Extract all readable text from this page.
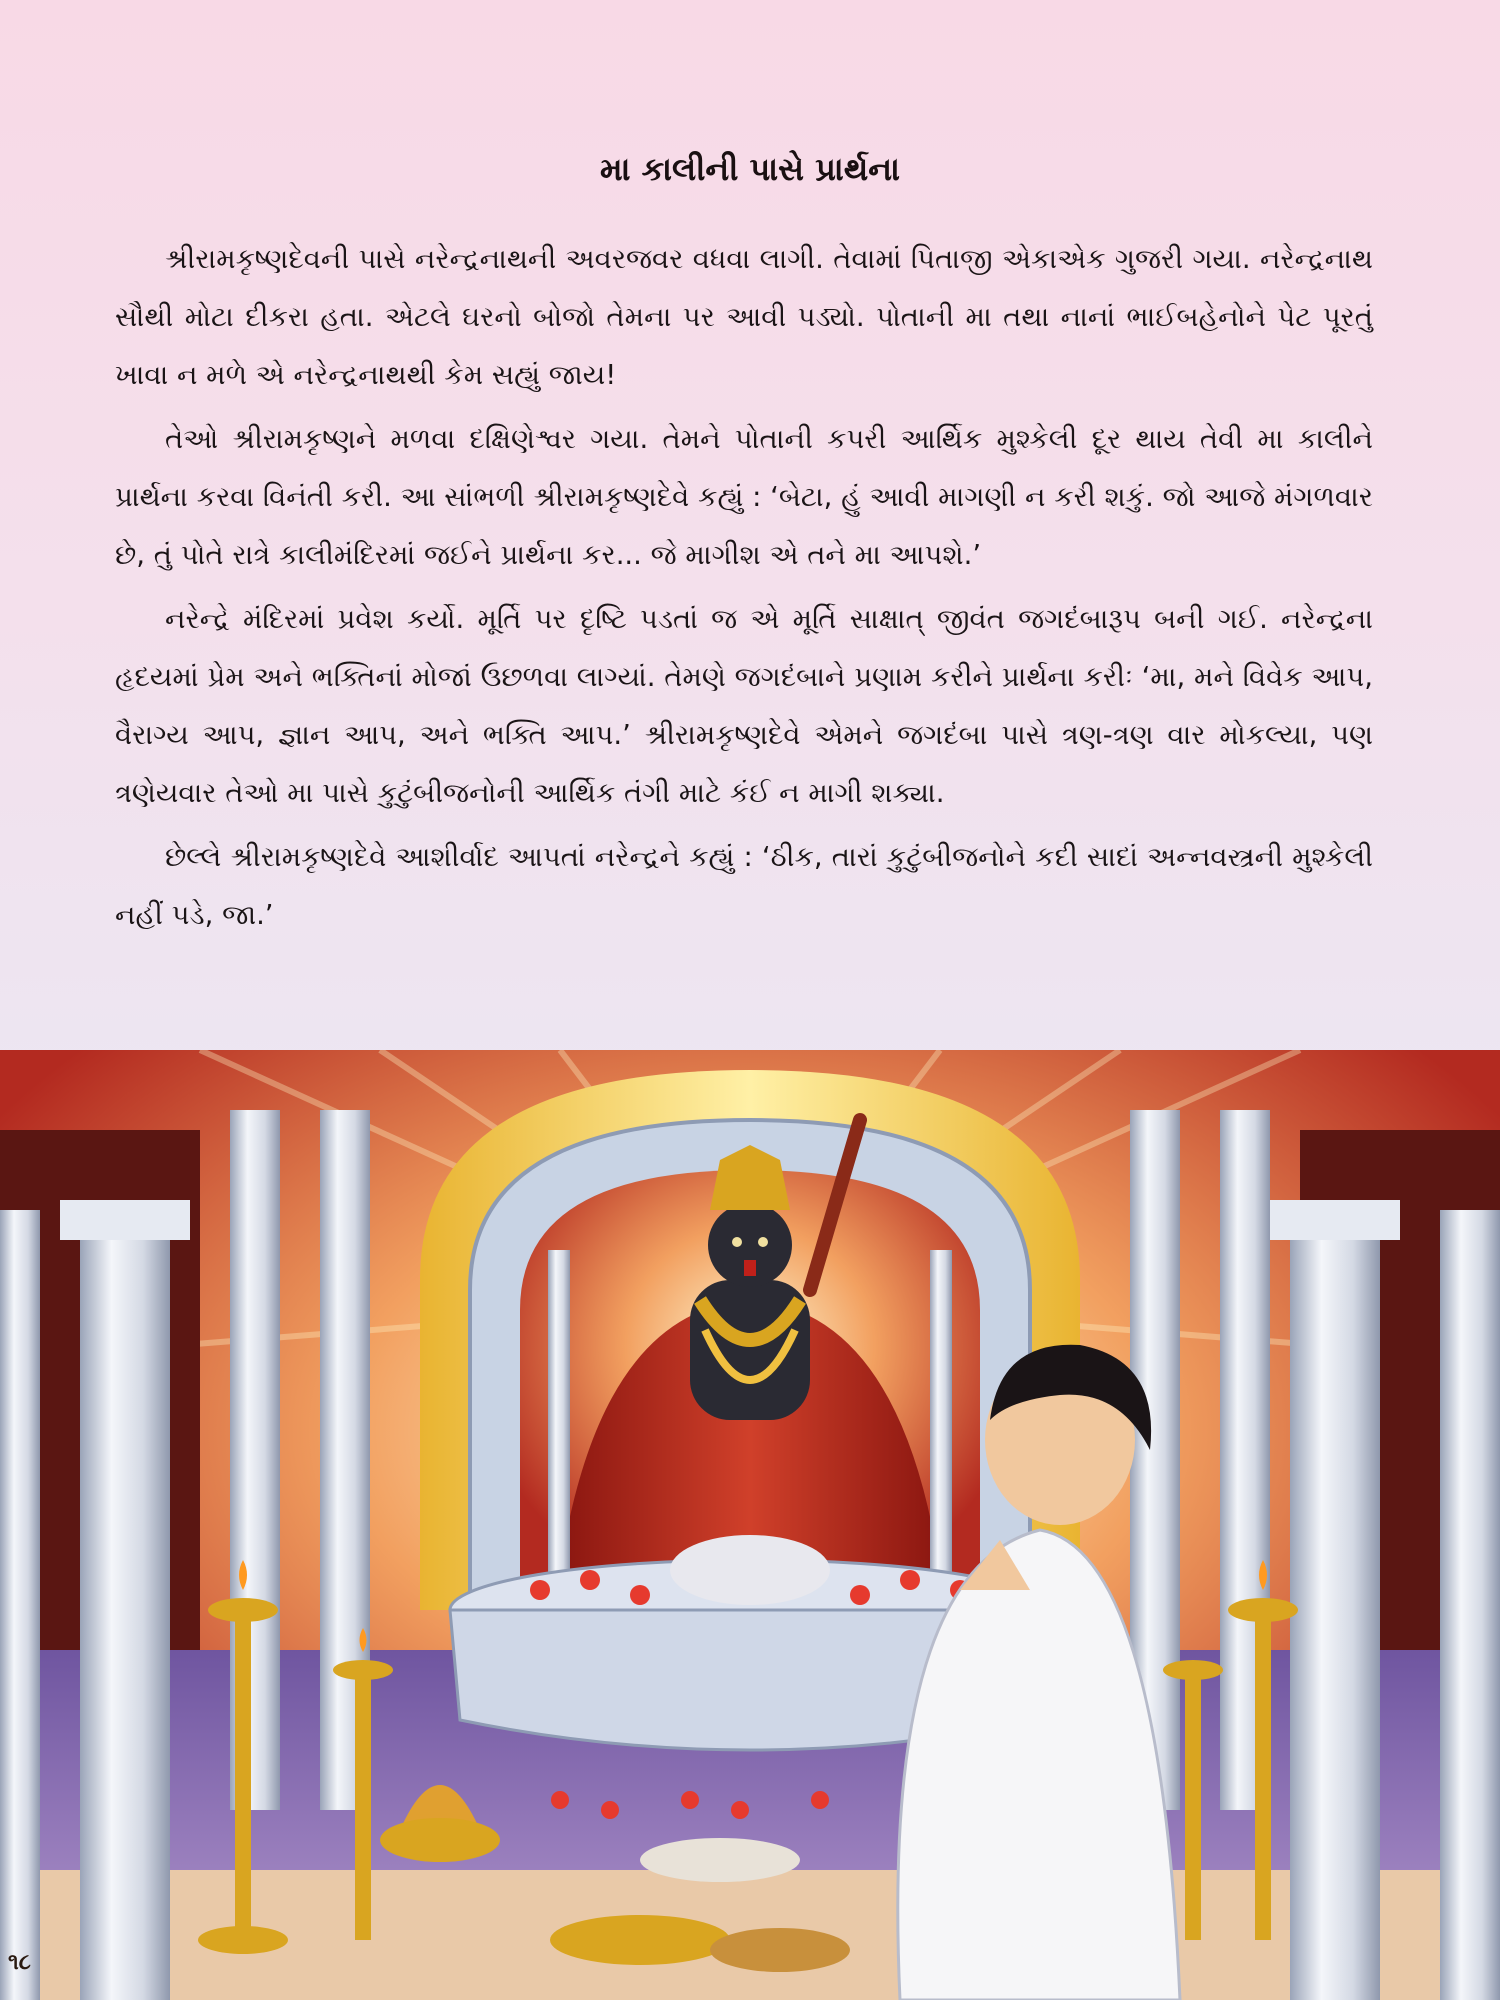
મા કાલીની પાસે પ્રાર્થના

શ્રીરામકૃષ્ણદેવની પાસે નરેન્દ્રનાથની અવરજવર વધવા લાગી. તેવામાં પિતાજી એકાએક ગુજરી ગયા. નરેન્દ્રનાથ સૌથી મોટા દીકરા હતા. એટલે ઘરનો બોજો તેમના પર આવી પડ્યો. પોતાની મા તથા નાનાં ભાઈબહેનોને પેટ પૂરતું ખાવા ન મળે એ નરેન્દ્રનાથથી કેમ સહ્યું જાય!

તેઓ શ્રીરામકૃષ્ણને મળવા દક્ષિણેશ્વર ગયા. તેમને પોતાની કપરી આર્થિક મુશ્કેલી દૂર થાય તેવી મા કાલીને પ્રાર્થના કરવા વિનંતી કરી. આ સાંભળી શ્રીરામકૃષ્ણદેવે કહ્યું : ‘બેટા, હું આવી માગણી ન કરી શકું. જો આજે મંગળવાર છે, તું પોતે રાત્રે કાલીમંદિરમાં જઈને પ્રાર્થના કર... જે માગીશ એ તને મા આપશે.’

નરેન્દ્રે મંદિરમાં પ્રવેશ કર્યો. મૂર્તિ પર દૃષ્ટિ પડતાં જ એ મૂર્તિ સાક્ષાત્ જીવંત જગદંબારૂપ બની ગઈ. નરેન્દ્રના હૃદયમાં પ્રેમ અને ભક્તિનાં મોજાં ઉછળવા લાગ્યાં. તેમણે જગદંબાને પ્રણામ કરીને પ્રાર્થના કરીઃ ‘મા, મને વિવેક આપ, વૈરાગ્ય આપ, જ્ઞાન આપ, અને ભક્તિ આપ.’ શ્રીરામકૃષ્ણદેવે એમને જગદંબા પાસે ત્રણ-ત્રણ વાર મોકલ્યા, પણ ત્રણેયવાર તેઓ મા પાસે કુટુંબીજનોની આર્થિક તંગી માટે કંઈ ન માગી શક્યા.

છેલ્લે શ્રીરામકૃષ્ણદેવે આશીર્વાદ આપતાં નરેન્દ્રને કહ્યું : ‘ઠીક, તારાં કુટુંબીજનોને કદી સાદાં અન્નવસ્ત્રની મુશ્કેલી નહીં પડે, જા.’

૧૮
